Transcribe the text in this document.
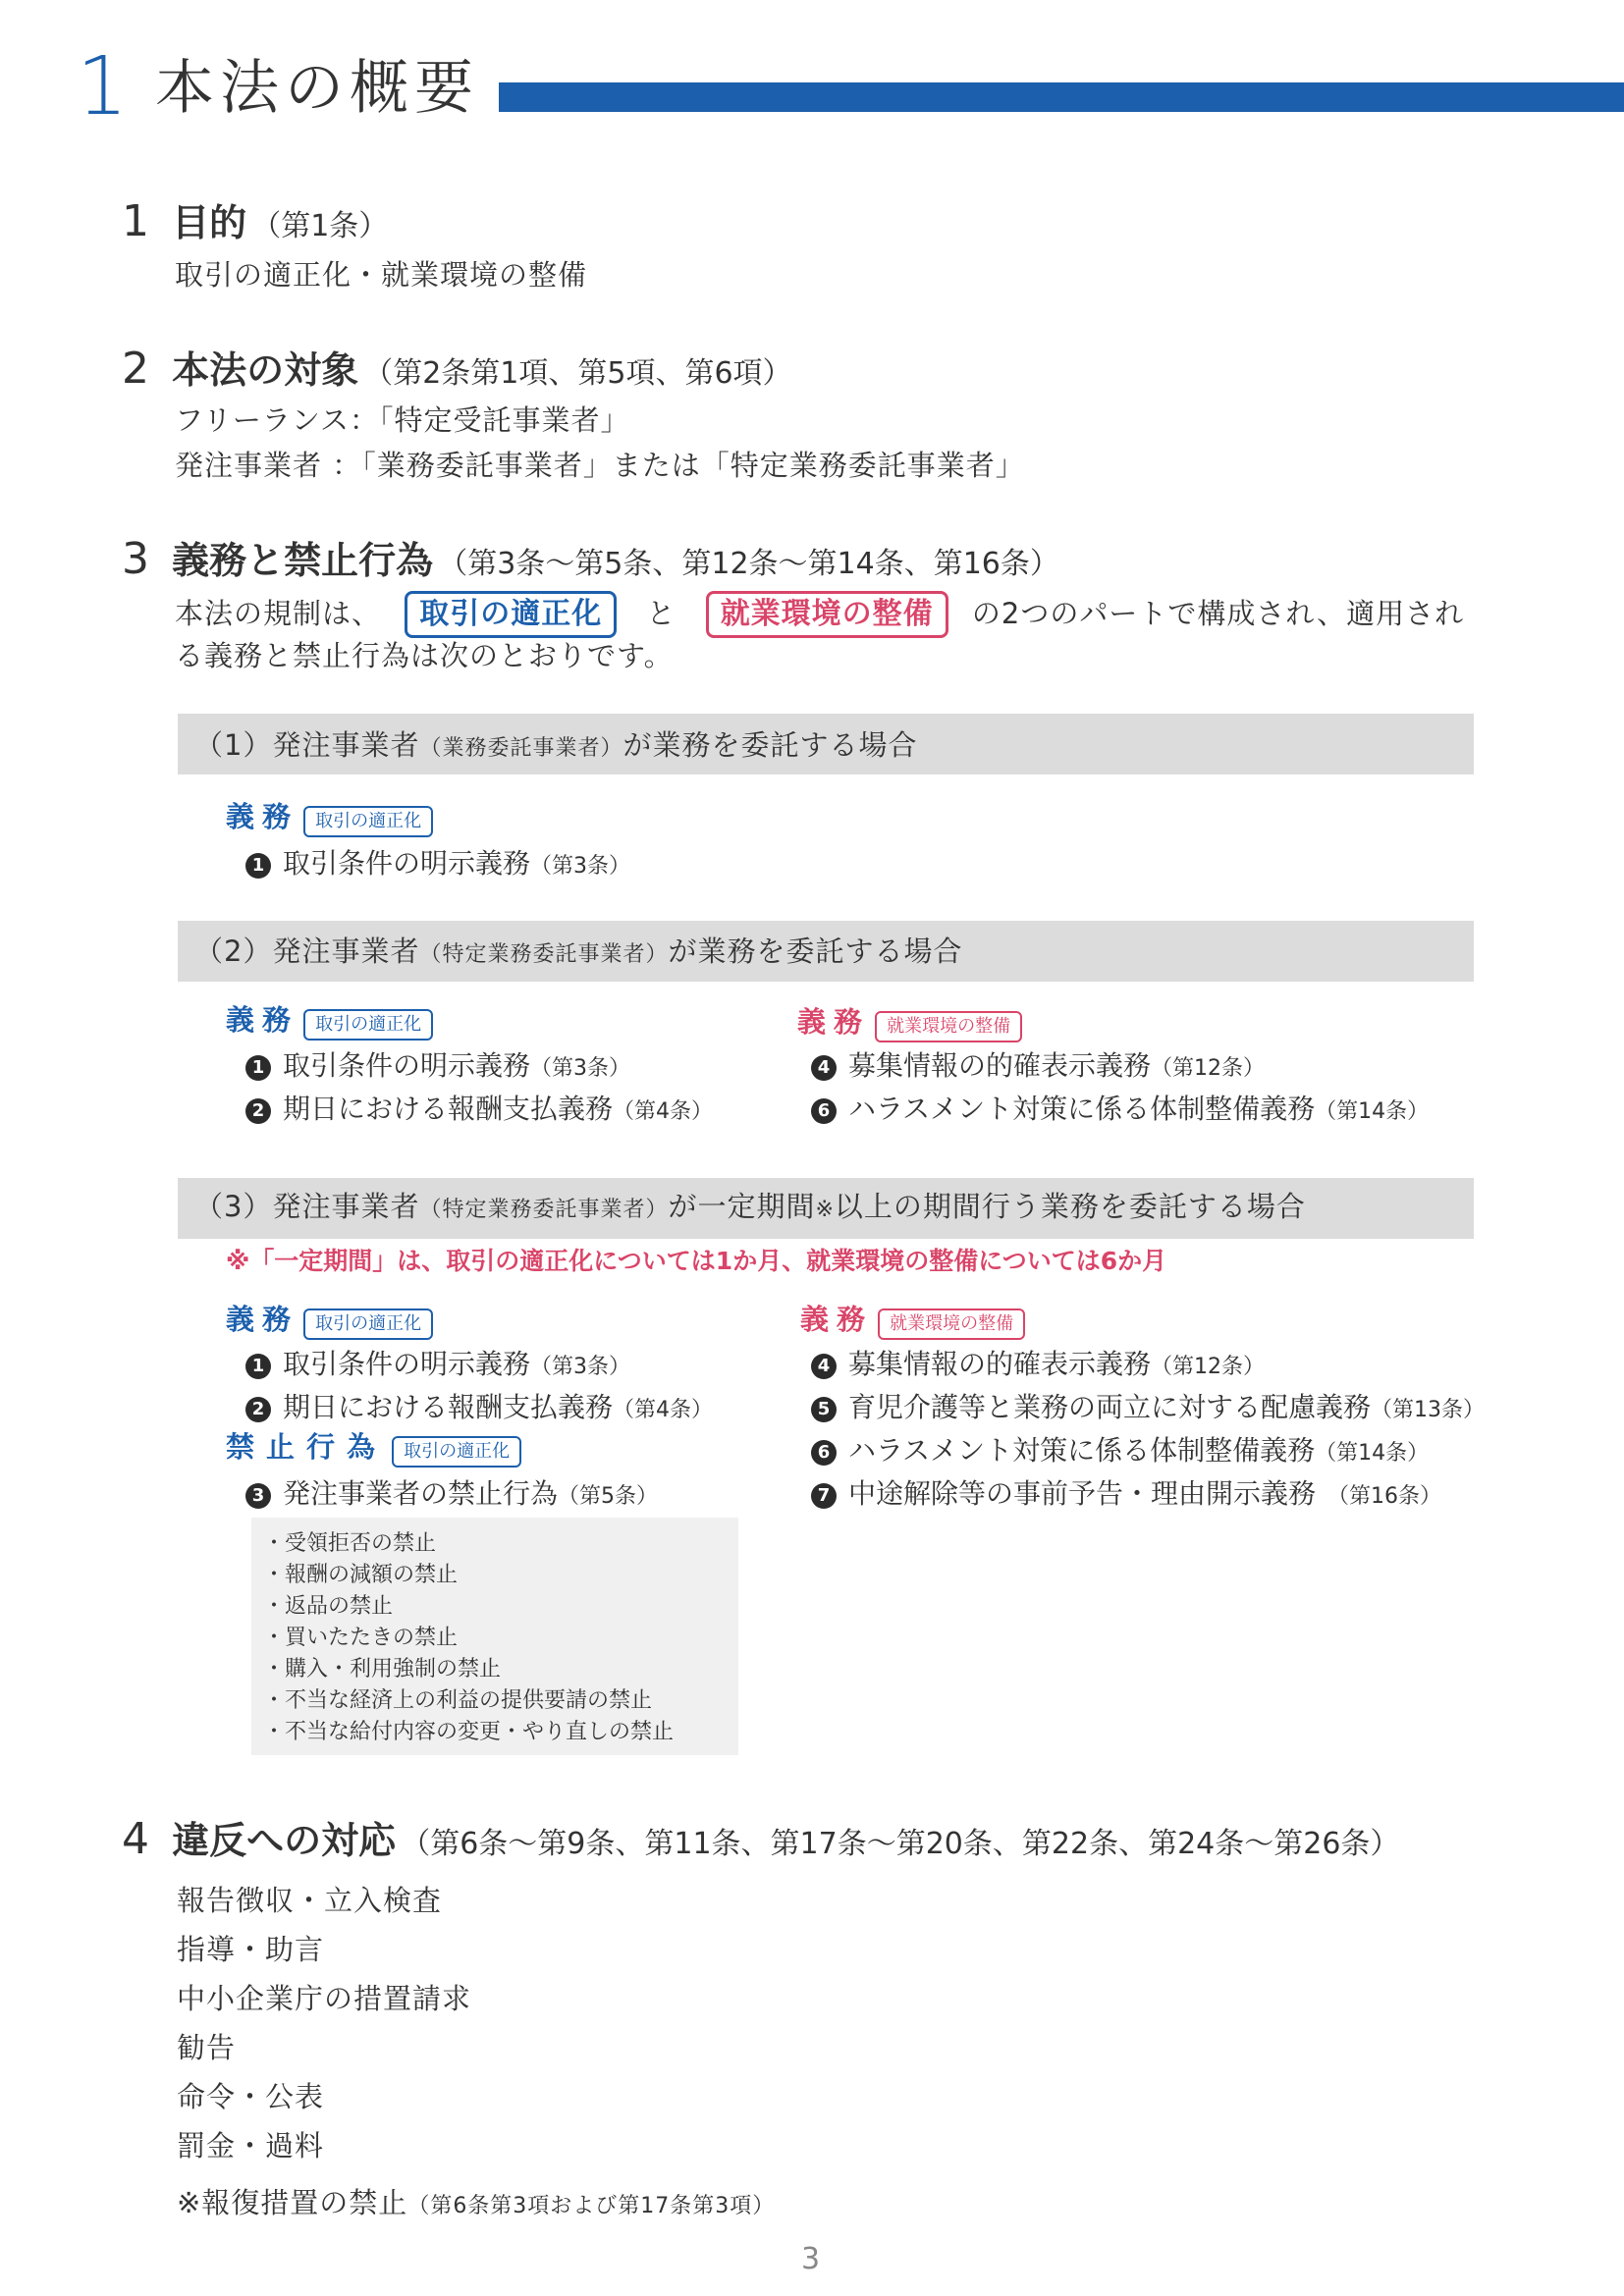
1 本法の概要
1 目的 （第1条）
取引の適正化・就業環境の整備
2 本法の対象 （第2条第1項、第5項、第6項）
フリーランス：「特定受託事業者」
発注事業者 ：「業務委託事業者」または「特定業務委託事業者」
3 義務と禁止行為 （第3条〜第5条、第12条〜第14条、第16条）
本法の規制は、 取引の適正化 と 就業環境の整備 の2つのパートで構成され、適用され
る義務と禁止行為は次のとおりです。
（1）発注事業者（業務委託事業者）が業務を委託する場合
義務 取引の適正化
1 取引条件の明示義務（第3条）
（2）発注事業者（特定業務委託事業者）が業務を委託する場合
義務 取引の適正化	義務 就業環境の整備
1 取引条件の明示義務（第3条）
2 期日における報酬支払義務（第4条）
4 募集情報の的確表示義務（第12条）
6 ハラスメント対策に係る体制整備義務（第14条）
（3）発注事業者（特定業務委託事業者）が一定期間※以上の期間行う業務を委託する場合
※「一定期間」は、取引の適正化については1か月、就業環境の整備については6か月
義務 取引の適正化	義務 就業環境の整備
1 取引条件の明示義務（第3条）
2 期日における報酬支払義務（第4条）
禁止行為 取引の適正化
3 発注事業者の禁止行為（第5条）
・受領拒否の禁止
・報酬の減額の禁止
・返品の禁止
・買いたたきの禁止
・購入・利用強制の禁止
・不当な経済上の利益の提供要請の禁止
・不当な給付内容の変更・やり直しの禁止
4 募集情報の的確表示義務（第12条）
5 育児介護等と業務の両立に対する配慮義務（第13条）
6 ハラスメント対策に係る体制整備義務（第14条）
7 中途解除等の事前予告・理由開示義務 （第16条）
4 違反への対応 （第6条〜第9条、第11条、第17条〜第20条、第22条、第24条〜第26条）
報告徴収・立入検査
指導・助言
中小企業庁の措置請求
勧告
命令・公表
罰金・過料
※報復措置の禁止（第6条第3項および第17条第3項）
3
